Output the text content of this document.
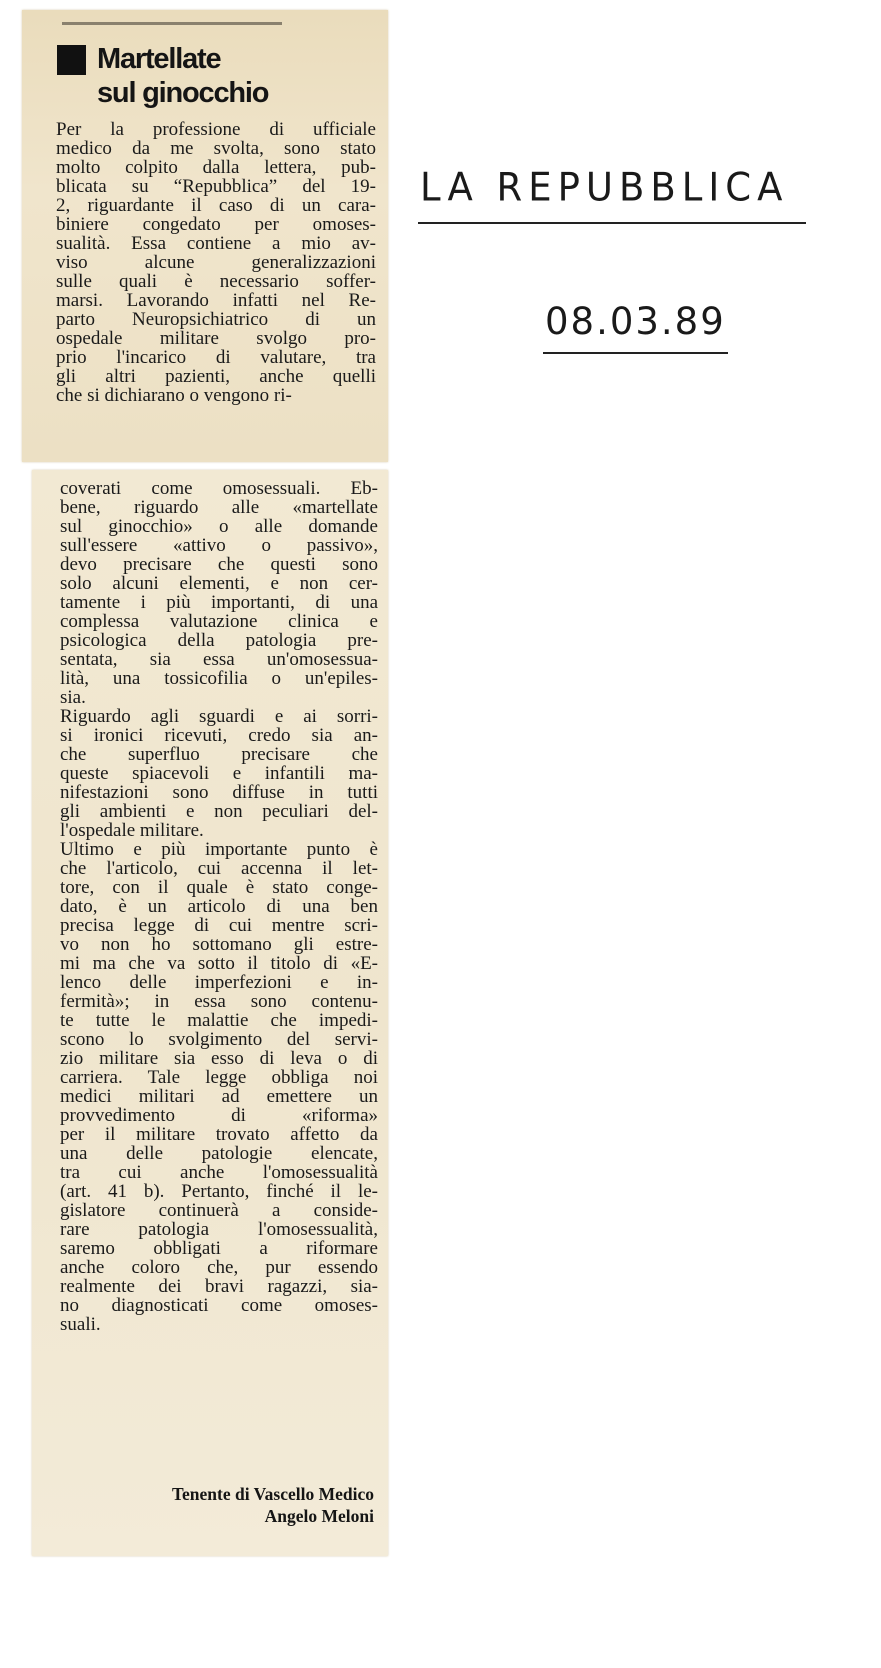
Martellate
sul ginocchio
Per la professione di ufficiale
medico da me svolta, sono stato
molto colpito dalla lettera, pub-
blicata su “Repubblica” del 19-
2, riguardante il caso di un cara-
biniere congedato per omoses-
sualità. Essa contiene a mio av-
viso alcune generalizzazioni
sulle quali è necessario soffer-
marsi. Lavorando infatti nel Re-
parto Neuropsichiatrico di un
ospedale militare svolgo pro-
prio l'incarico di valutare, tra
gli altri pazienti, anche quelli
che si dichiarano o vengono ri-
coverati come omosessuali. Eb-
bene, riguardo alle «martellate
sul ginocchio» o alle domande
sull'essere «attivo o passivo»,
devo precisare che questi sono
solo alcuni elementi, e non cer-
tamente i più importanti, di una
complessa valutazione clinica e
psicologica della patologia pre-
sentata, sia essa un'omosessua-
lità, una tossicofilia o un'epiles-
sia.
Riguardo agli sguardi e ai sorri-
si ironici ricevuti, credo sia an-
che superfluo precisare che
queste spiacevoli e infantili ma-
nifestazioni sono diffuse in tutti
gli ambienti e non peculiari del-
l'ospedale militare.
Ultimo e più importante punto è
che l'articolo, cui accenna il let-
tore, con il quale è stato conge-
dato, è un articolo di una ben
precisa legge di cui mentre scri-
vo non ho sottomano gli estre-
mi ma che va sotto il titolo di «E-
lenco delle imperfezioni e in-
fermità»; in essa sono contenu-
te tutte le malattie che impedi-
scono lo svolgimento del servi-
zio militare sia esso di leva o di
carriera. Tale legge obbliga noi
medici militari ad emettere un
provvedimento di «riforma»
per il militare trovato affetto da
una delle patologie elencate,
tra cui anche l'omosessualità
(art. 41 b). Pertanto, finché il le-
gislatore continuerà a conside-
rare patologia l'omosessualità,
saremo obbligati a riformare
anche coloro che, pur essendo
realmente dei bravi ragazzi, sia-
no diagnosticati come omoses-
suali.
Tenente di Vascello Medico
Angelo Meloni
LA REPUBBLICA
08.03.89
